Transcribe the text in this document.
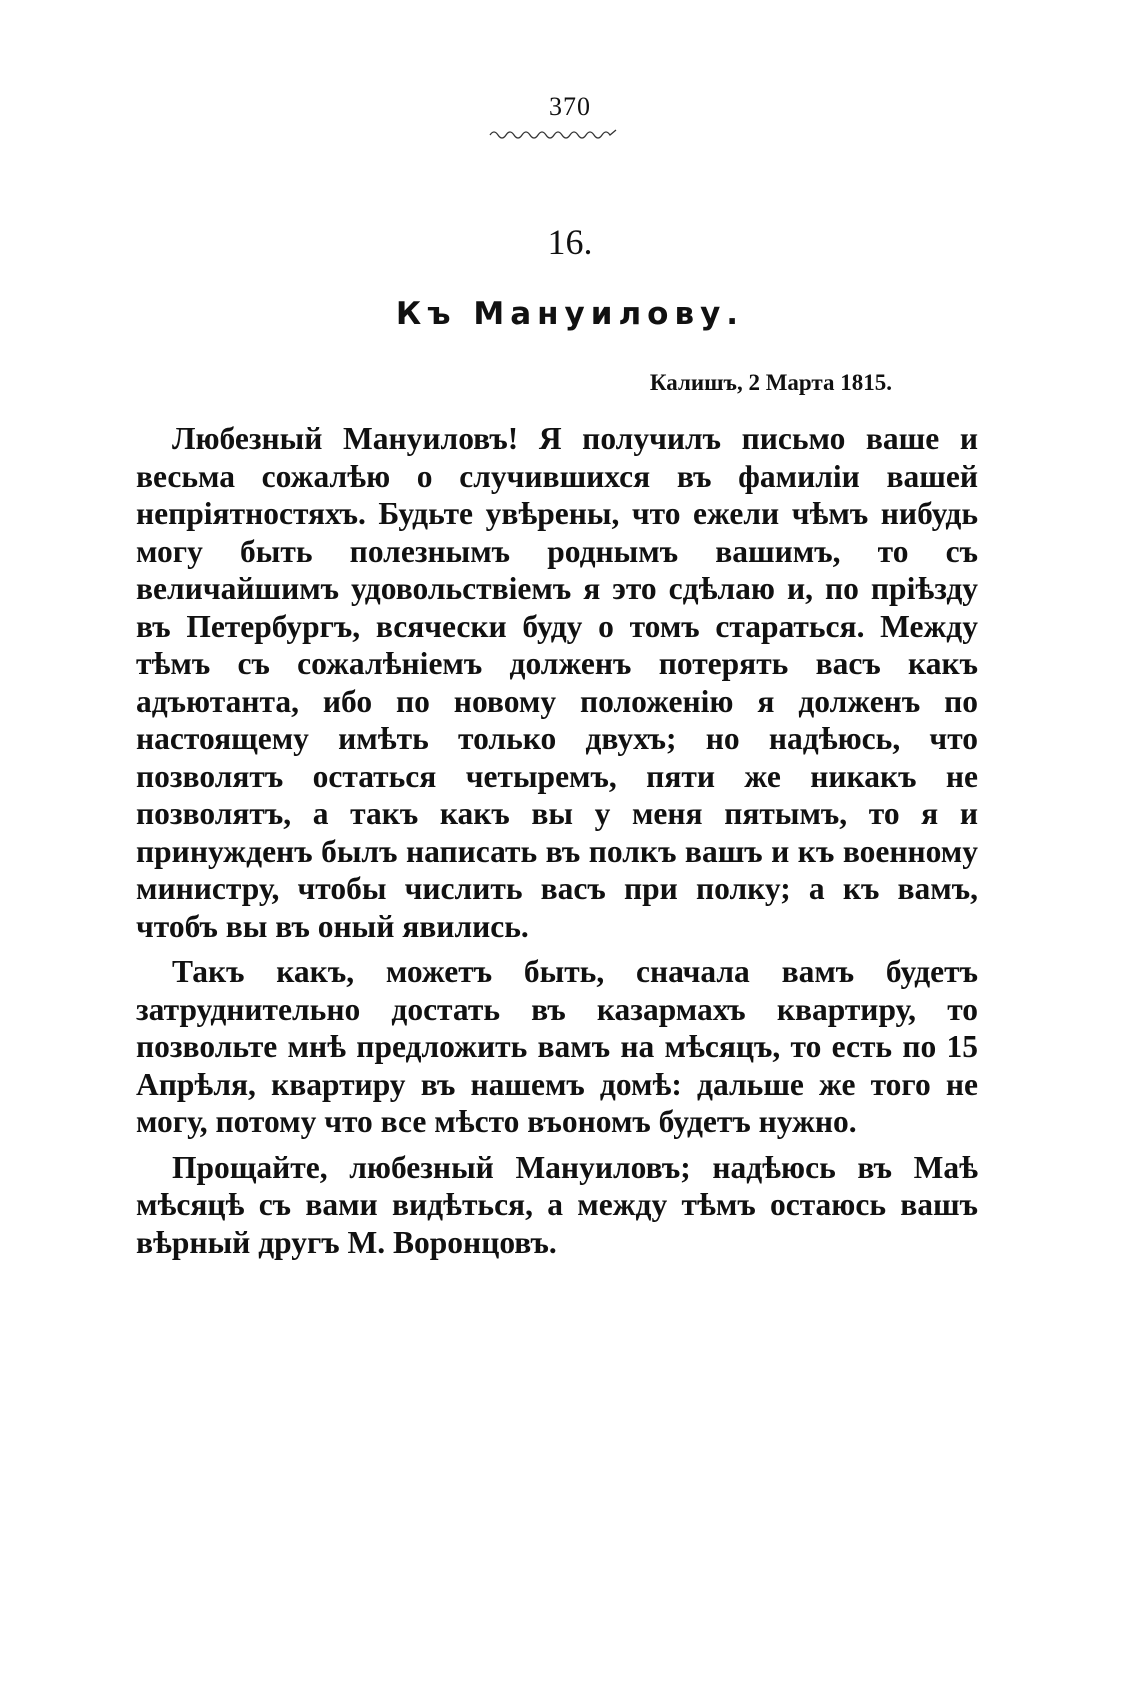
370
16.
Къ Мануилову.
Калишъ, 2 Марта 1815.

Любезный Мануиловъ! Я получилъ письмо ваше и весьма сожалѣю о случившихся въ фамиліи вашей непріятностяхъ. Будьте увѣрены, что ежели чѣмъ нибудь могу быть полезнымъ роднымъ вашимъ, то съ величайшимъ удовольствіемъ я это сдѣлаю и, по пріѣзду въ Петербургъ, всячески буду о томъ стараться. Между тѣмъ съ сожалѣніемъ долженъ потерять васъ какъ адъютанта, ибо по новому положенію я долженъ по настоящему имѣть только двухъ; но надѣюсь, что позволятъ остаться четыремъ, пяти же никакъ не позволятъ, а такъ какъ вы у меня пятымъ, то я и принужденъ былъ написать въ полкъ вашъ и къ военному министру, чтобы числить васъ при полку; а къ вамъ, чтобъ вы въ оный явились.

Такъ какъ, можетъ быть, сначала вамъ будетъ затруднительно достать въ казармахъ квартиру, то позвольте мнѣ предложить вамъ на мѣсяцъ, то есть по 15 Апрѣля, квартиру въ нашемъ домѣ: дальше же того не могу, потому что все мѣсто въономъ будетъ нужно.

Прощайте, любезный Мануиловъ; надѣюсь въ Маѣ мѣсяцѣ съ вами видѣться, а между тѣмъ остаюсь вашъ вѣрный другъ М. Воронцовъ.
